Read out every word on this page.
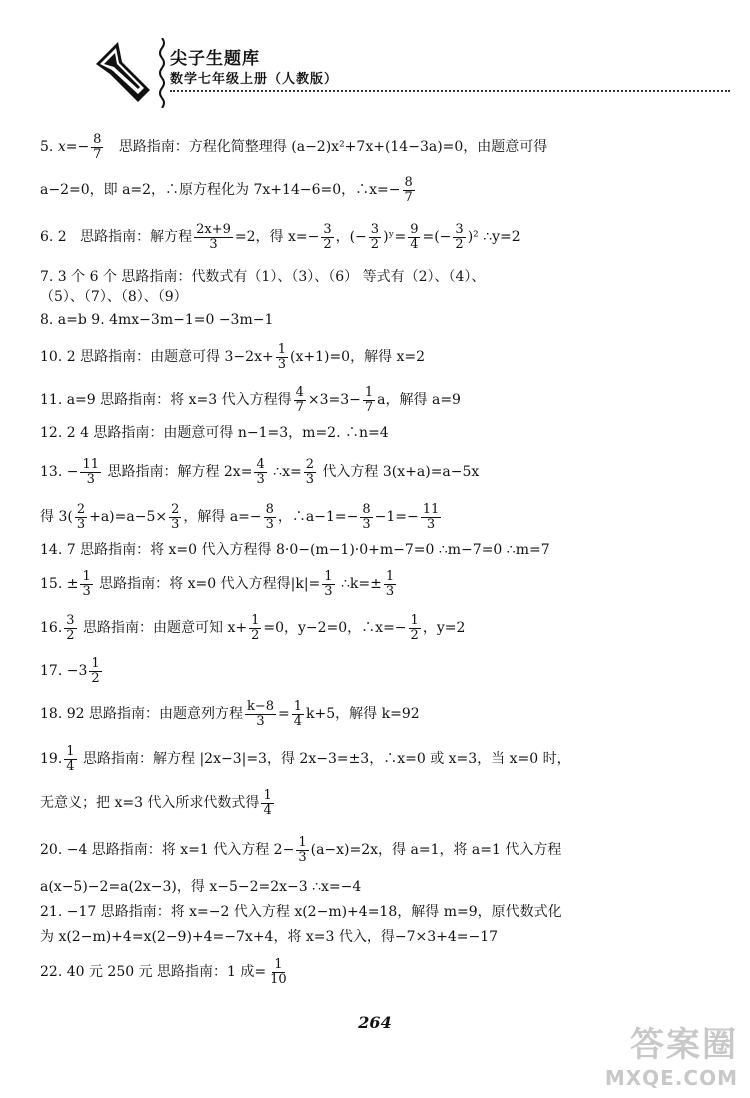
尖子生题库
数学七年级上册（人教版）
5. $x=- \frac{8}{7}$ 思路指南：方程化简整理得 (a−2)x²+7x+(14−3a)=0，由题意可得
a−2=0，即 a=2，∴原方程化为 7x+14−6=0，∴x=− $\frac{8}{7}$
6. 2 思路指南：解方程 $\frac{2x+9}{3} =2$，得 $x=- \frac{3}{2}$ ，(− $\frac{3}{2}$ )ʸ= $\frac{9}{4}$ =(− $\frac{3}{2} )^2$ ∴y=2
7. 3 个 6 个 思路指南：代数式有（1）、（3）、（6） 等式有（2）、（4）、
（5）、（7）、（8）、（9）
8. a=b 9. 4mx−3m−1=0 −3m−1
10. 2 思路指南：由题意可得 $3-2x+ \frac{1}{3} (x+1)=0$，解得 x=2
11. a=9 思路指南：将 x=3 代入方程得 $\frac{4}{7} \times 3=3- \frac{1}{7}$ a，解得 a=9
12. 2 4 思路指南：由题意可得 n−1=3，m=2. ∴n=4
13. − $\frac{11}{3}$ 思路指南：解方程 $2x= \frac{4}{3}$ ∴x= $\frac{2}{3}$ 代入方程 3(x+a)=a−5x
得 $3( \frac{2}{3} +a)=a-5\times \frac{2}{3}$ ，解得 $a=- \frac{8}{3}$ ，∴a−1=− $\frac{8}{3} -1=- \frac{11}{3}$
14. 7 思路指南：将 x=0 代入方程得 8·0−(m−1)·0+m−7=0 ∴m−7=0 ∴m=7
15. ± $\frac{1}{3}$ 思路指南：将 x=0 代入方程得$|k|= \frac{1}{3}$ ∴k=± $\frac{1}{3}$
16. $\frac{3}{2}$ 思路指南：由题意可知 $x+ \frac{1}{2} =0$，y−2=0，∴x=− $\frac{1}{2}$ ，y=2
17. $-3 \frac{1}{2}$
18. 92 思路指南：由题意列方程 $\frac{k-8}{3} = \frac{1}{4} k+5$，解得 k=92
19. $\frac{1}{4}$ 思路指南：解方程 |2x−3|=3，得 2x−3=±3，∴x=0 或 x=3，当 x=0 时，
无意义；把 x=3 代入所求代数式得 $\frac{1}{4}$
20. −4 思路指南：将 x=1 代入方程 $2- \frac{1}{3} (a-x)=2x$，得 a=1，将 a=1 代入方程
a(x−5)−2=a(2x−3)，得 x−5−2=2x−3 ∴x=−4
21. −17 思路指南：将 x=−2 代入方程 x(2−m)+4=18，解得 m=9，原代数式化
为 x(2−m)+4=x(2−9)+4=−7x+4，将 x=3 代入，得−7×3+4=−17
22. 40 元 250 元 思路指南：1 成= $\frac{1}{10}$
264
答案圈
MXQE.COM
